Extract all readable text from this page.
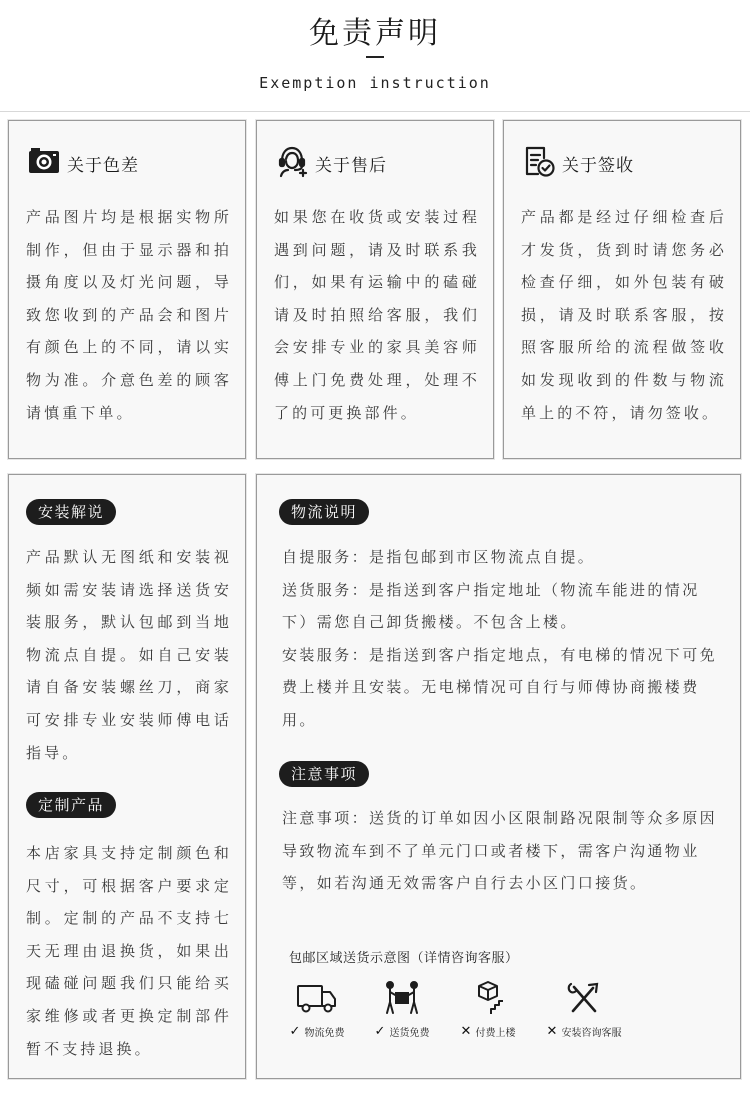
免责声明
Exemption instruction
关于色差
产品图片均是根据实物所制作，但由于显示器和拍摄角度以及灯光问题，导致您收到的产品会和图片有颜色上的不同，请以实物为准。介意色差的顾客请慎重下单。
关于售后
如果您在收货或安装过程遇到问题，请及时联系我们，如果有运输中的磕碰请及时拍照给客服，我们会安排专业的家具美容师傅上门免费处理，处理不了的可更换部件。
关于签收
产品都是经过仔细检查后才发货，货到时请您务必检查仔细，如外包装有破损，请及时联系客服，按照客服所给的流程做签收如发现收到的件数与物流单上的不符，请勿签收。
安装解说
产品默认无图纸和安装视频如需安装请选择送货安装服务，默认包邮到当地物流点自提。如自己安装请自备安装螺丝刀，商家可安排专业安装师傅电话指导。
定制产品
本店家具支持定制颜色和尺寸，可根据客户要求定制。定制的产品不支持七天无理由退换货，如果出现磕碰问题我们只能给买家维修或者更换定制部件暂不支持退换。
物流说明
自提服务：是指包邮到市区物流点自提。
送货服务：是指送到客户指定地址（物流车能进的情况下）需您自己卸货搬楼。不包含上楼。
安装服务：是指送到客户指定地点，有电梯的情况下可免费上楼并且安装。无电梯情况可自行与师傅协商搬楼费用。
注意事项
注意事项：送货的订单如因小区限制路况限制等众多原因导致物流车到不了单元门口或者楼下，需客户沟通物业等，如若沟通无效需客户自行去小区门口接货。
包邮区域送货示意图（详情咨询客服）
✓ 物流免费 ✓ 送货免费 ✕ 付费上楼 ✕ 安装咨询客服
